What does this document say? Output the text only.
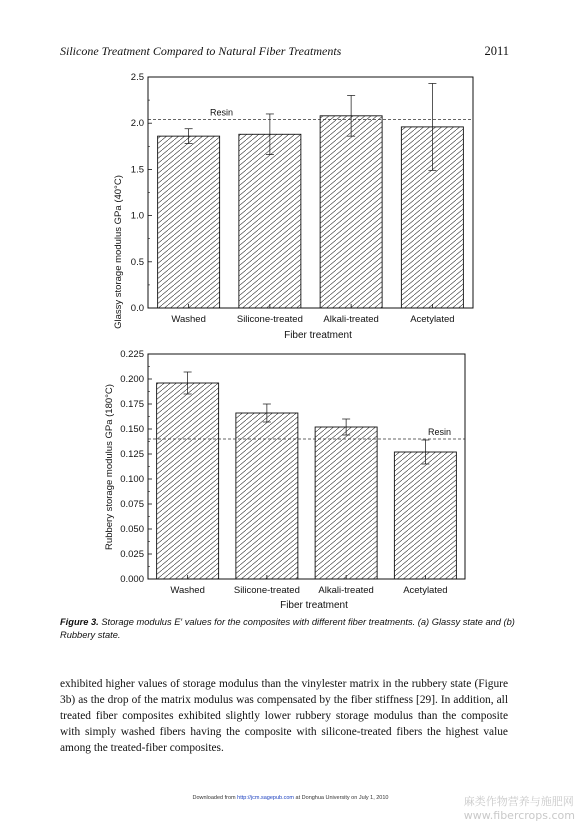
Silicone Treatment Compared to Natural Fiber Treatments	2011
Resin
Washed	Silicone-treated Alkali-treated	Acetylated
0.0
0.5
1.0
1.5
2.0
2.5
Fiber treatment
Glassy storage modulus GPa (40°C)
Resin
Washed	Silicone-treated Alkali-treated	Acetylated
0.000
0.025
0.050
0.075
0.100
0.125
0.150
0.175
0.200
0.225
Fiber treatment
Rubbery storage modulus GPa (180°C)
Figure 3. Storage modulus E′ values for the composites with different fiber treatments. (a) Glassy state and (b) Rubbery state.
exhibited higher values of storage modulus than the vinylester matrix in the rubbery state (Figure 3b) as the drop of the matrix modulus was compensated by the fiber stiffness [29]. In addition, all treated fiber composites exhibited slightly lower rubbery storage modulus than the composite with simply washed fibers having the composite with silicone-treated fibers the highest value among the treated-fiber composites.
Downloaded from http://jcm.sagepub.com at Donghua University on July 1, 2010	麻类作物营养与施肥网
www.fibercrops.com
